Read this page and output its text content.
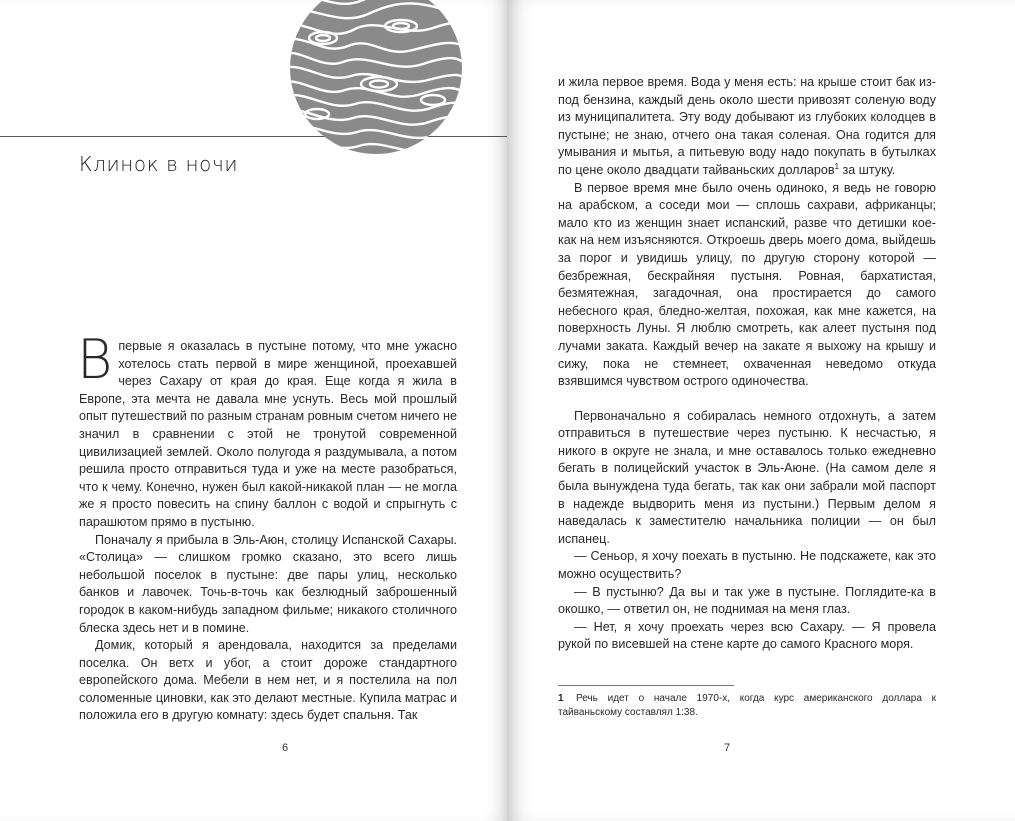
Клинок в ночи

Впервые я оказалась в пустыне потому, что мне ужасно хотелось стать первой в мире женщиной, проехавшей через Сахару от края до края. Еще когда я жила в Европе, эта мечта не давала мне уснуть. Весь мой прошлый опыт путешествий по разным странам ровным счетом ничего не значил в сравнении с этой не тронутой современной цивилизацией землей. Около полугода я раздумывала, а потом решила просто отправиться туда и уже на месте разобраться, что к чему. Конечно, нужен был какой-никакой план — не могла же я просто повесить на спину баллон с водой и спрыгнуть с парашютом прямо в пустыню.

Поначалу я прибыла в Эль-Аюн, столицу Испанской Сахары. «Столица» — слишком громко сказано, это всего лишь небольшой поселок в пустыне: две пары улиц, несколько банков и лавочек. Точь-в-точь как безлюдный заброшенный городок в каком-нибудь западном фильме; никакого столичного блеска здесь нет и в помине.

Домик, который я арендовала, находится за пределами поселка. Он ветх и убог, а стоит дороже стандартного европейского дома. Мебели в нем нет, и я постелила на пол соломенные циновки, как это делают местные. Купила матрас и положила его в другую комнату: здесь будет спальня. Так

6

и жила первое время. Вода у меня есть: на крыше стоит бак из-под бензина, каждый день около шести привозят соленую воду из муниципалитета. Эту воду добывают из глубоких колодцев в пустыне; не знаю, отчего она такая соленая. Она годится для умывания и мытья, а питьевую воду надо покупать в бутылках по цене около двадцати тайваньских долларов$^1$ за штуку.

В первое время мне было очень одиноко, я ведь не говорю на арабском, а соседи мои — сплошь сахрави, африканцы; мало кто из женщин знает испанский, разве что детишки кое-как на нем изъясняются. Откроешь дверь моего дома, выйдешь за порог и увидишь улицу, по другую сторону которой — безбрежная, бескрайняя пустыня. Ровная, бархатистая, безмятежная, загадочная, она простирается до самого небесного края, бледно-желтая, похожая, как мне кажется, на поверхность Луны. Я люблю смотреть, как алеет пустыня под лучами заката. Каждый вечер на закате я выхожу на крышу и сижу, пока не стемнеет, охваченная неведомо откуда взявшимся чувством острого одиночества.

Первоначально я собиралась немного отдохнуть, а затем отправиться в путешествие через пустыню. К несчастью, я никого в округе не знала, и мне оставалось только ежедневно бегать в полицейский участок в Эль-Аюне. (На самом деле я была вынуждена туда бегать, так как они забрали мой паспорт в надежде выдворить меня из пустыни.) Первым делом я наведалась к заместителю начальника полиции — он был испанец.

— Сеньор, я хочу поехать в пустыню. Не подскажете, как это можно осуществить?

— В пустыню? Да вы и так уже в пустыне. Поглядите-ка в окошко, — ответил он, не поднимая на меня глаз.

— Нет, я хочу проехать через всю Сахару. — Я провела рукой по висевшей на стене карте до самого Красного моря.

1 Речь идет о начале 1970-х, когда курс американского доллара к тайваньскому составлял 1:38.
7
